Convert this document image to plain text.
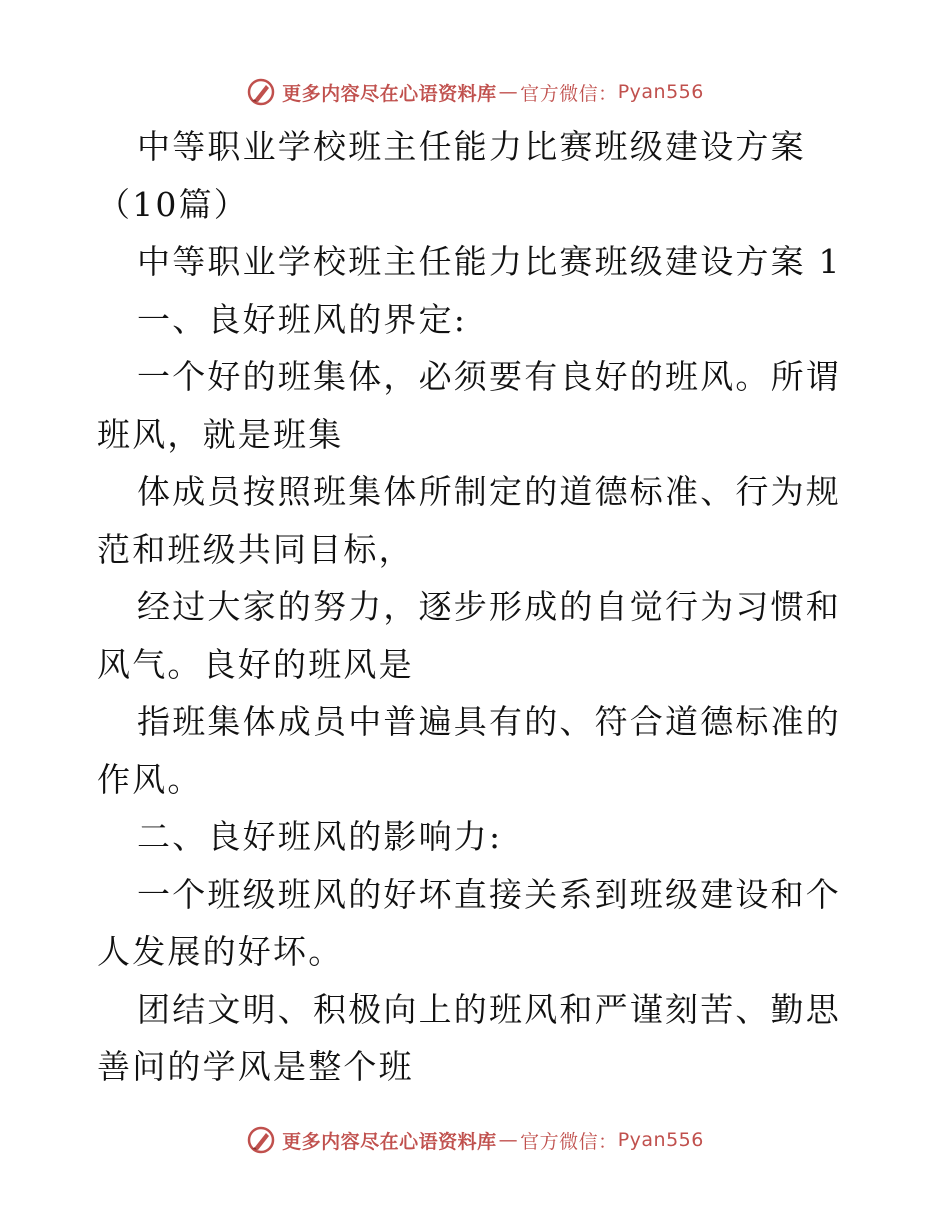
更多内容尽在心语资料库 — 官方微信： Pyan556

中等职业学校班主任能力比赛班级建设方案（10篇）

中等职业学校班主任能力比赛班级建设方案 1

一、良好班风的界定:

一个好的班集体，必须要有良好的班风。所谓班风，就是班集

体成员按照班集体所制定的道德标准、行为规范和班级共同目标，

经过大家的努力，逐步形成的自觉行为习惯和风气。良好的班风是

指班集体成员中普遍具有的、符合道德标准的作风。

二、良好班风的影响力:

一个班级班风的好坏直接关系到班级建设和个人发展的好坏。

团结文明、积极向上的班风和严谨刻苦、勤思善问的学风是整个班

更多内容尽在心语资料库 — 官方微信： Pyan556
